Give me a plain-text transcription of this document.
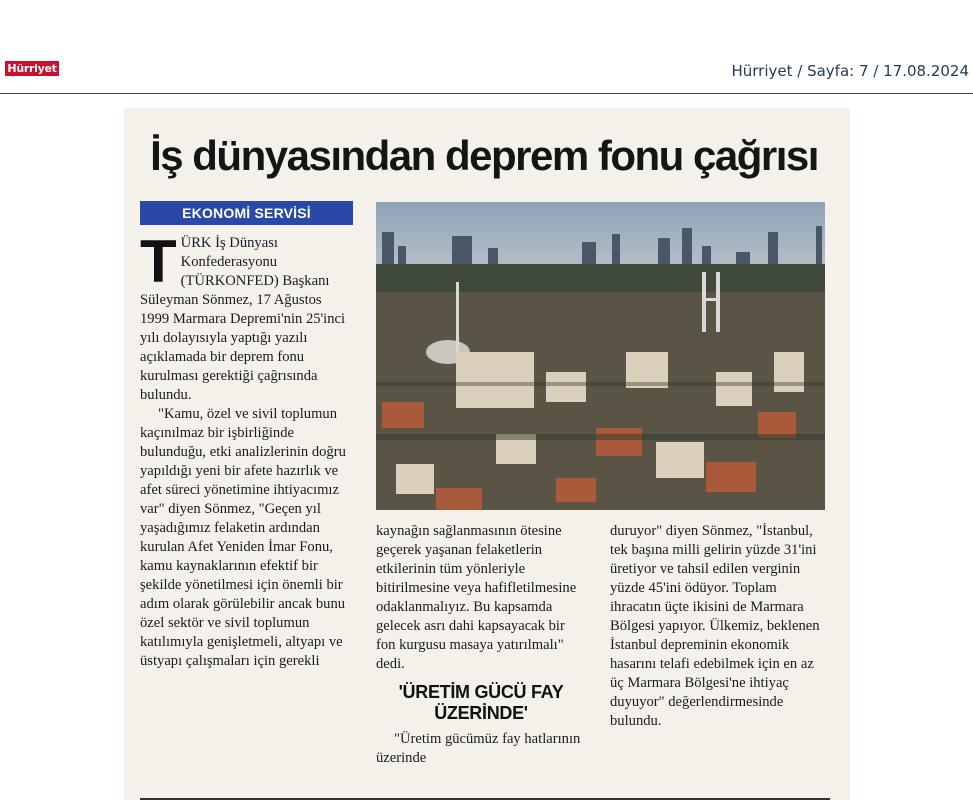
Hürriyet	Hürriyet / Sayfa: 7 / 17.08.2024
İş dünyasından deprem fonu çağrısı
EKONOMİ SERVİSİ
T ÜRK İş Dünyası Konfederasyonu (TÜRKONFED) Başkanı Süleyman Sönmez, 17 Ağustos 1999 Marmara Depremi'nin 25'inci yılı dolayısıyla yaptığı yazılı açıklamada bir deprem fonu kurulması gerektiği çağrısında bulundu.

"Kamu, özel ve sivil toplumun kaçınılmaz bir işbirliğinde bulunduğu, etki analizlerinin doğru yapıldığı yeni bir afete hazırlık ve afet süreci yönetimine ihtiyacımız var" diyen Sönmez, "Geçen yıl yaşadığımız felaketin ardından kurulan Afet Yeniden İmar Fonu, kamu kaynaklarının efektif bir şekilde yönetilmesi için önemli bir adım olarak görülebilir ancak bunu özel sektör ve sivil toplumun katılımıyla genişletmeli, altyapı ve üstyapı çalışmaları için gerekli

kaynağın sağlanmasının ötesine geçerek yaşanan felaketlerin etkilerinin tüm yönleriyle bitirilmesine veya hafifletilmesine odaklanmalıyız. Bu kapsamda gelecek asrı dahi kapsayacak bir fon kurgusu masaya yatırılmalı" dedi.

'ÜRETİM GÜCÜ FAY ÜZERİNDE'

"Üretim gücümüz fay hatlarının üzerinde

duruyor" diyen Sönmez, "İstanbul, tek başına milli gelirin yüzde 31'ini üretiyor ve tahsil edilen verginin yüzde 45'ini ödüyor. Toplam ihracatın üçte ikisini de Marmara Bölgesi yapıyor. Ülkemiz, beklenen İstanbul depreminin ekonomik hasarını telafi edebilmek için en az üç Marmara Bölgesi'ne ihtiyaç duyuyor" değerlendirmesinde bulundu.
